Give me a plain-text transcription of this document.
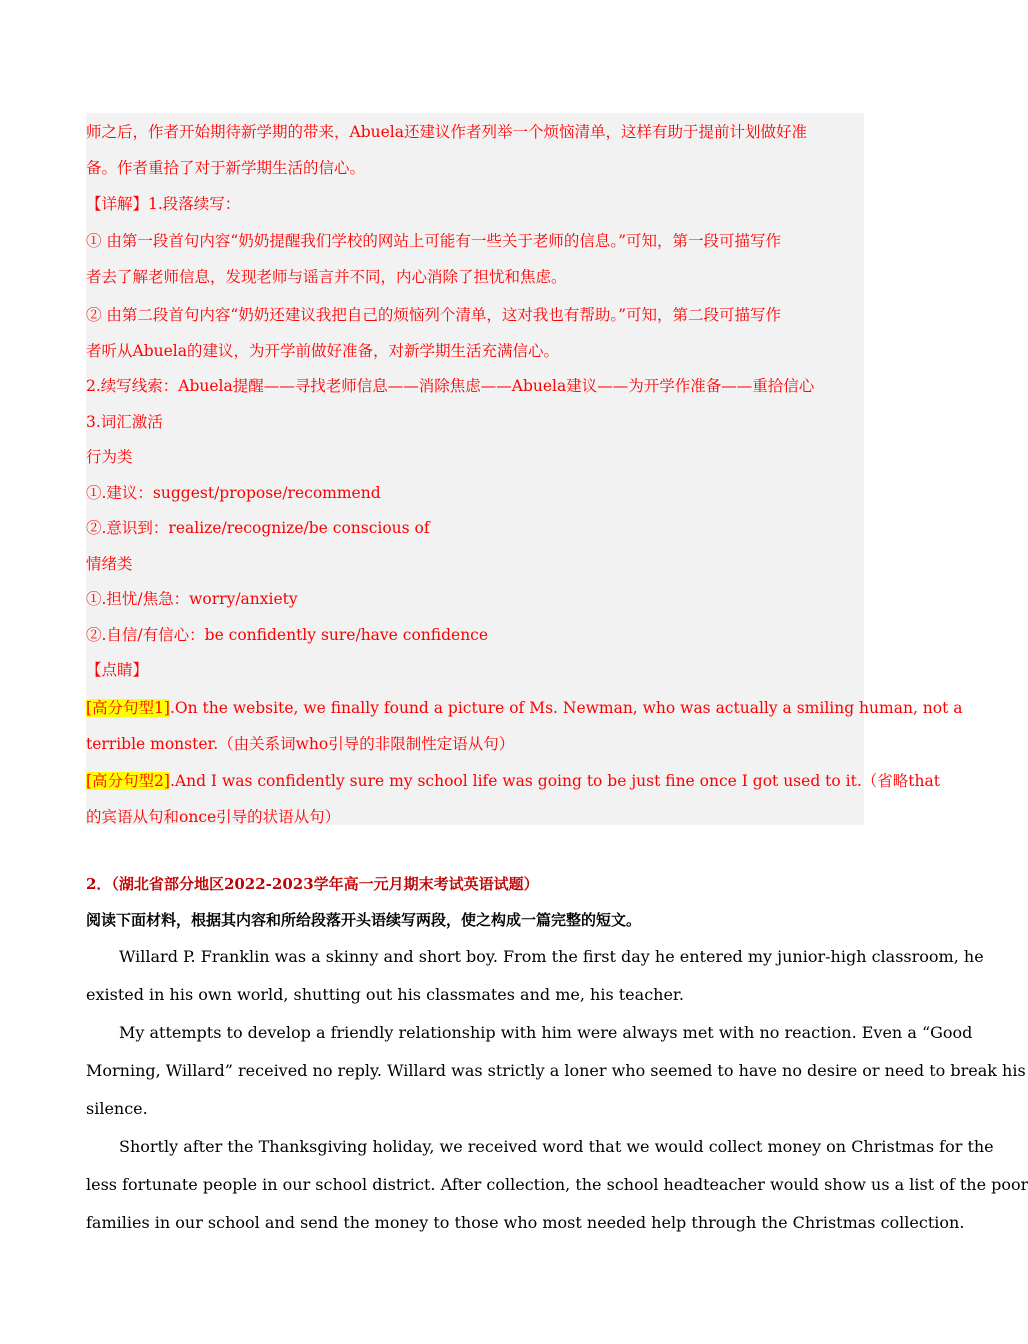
师之后，作者开始期待新学期的带来，Abuela还建议作者列举一个烦恼清单，这样有助于提前计划做好准

备。作者重拾了对于新学期生活的信心。

【详解】1.段落续写：

① 由第一段首句内容“奶奶提醒我们学校的网站上可能有一些关于老师的信息。”可知，第一段可描写作

者去了解老师信息，发现老师与谣言并不同，内心消除了担忧和焦虑。

② 由第二段首句内容“奶奶还建议我把自己的烦恼列个清单，这对我也有帮助。”可知，第二段可描写作

者听从Abuela的建议，为开学前做好准备，对新学期生活充满信心。

2.续写线索：Abuela提醒——寻找老师信息——消除焦虑——Abuela建议——为开学作准备——重拾信心

3.词汇激活

行为类

①.建议：suggest/propose/recommend

②.意识到：realize/recognize/be conscious of

情绪类

①.担忧/焦急：worry/anxiety

②.自信/有信心：be confidently sure/have confidence

【点睛】

[高分句型1].On the website, we finally found a picture of Ms. Newman, who was actually a smiling human, not a

terrible monster.（由关系词who引导的非限制性定语从句）

[高分句型2].And I was confidently sure my school life was going to be just fine once I got used to it.（省略that

的宾语从句和once引导的状语从句）

2．（湖北省部分地区2022-2023学年高一元月期末考试英语试题）

阅读下面材料，根据其内容和所给段落开头语续写两段，使之构成一篇完整的短文。

Willard P. Franklin was a skinny and short boy. From the first day he entered my junior-high classroom, he

existed in his own world, shutting out his classmates and me, his teacher.

My attempts to develop a friendly relationship with him were always met with no reaction. Even a “Good

Morning, Willard” received no reply. Willard was strictly a loner who seemed to have no desire or need to break his

silence.

Shortly after the Thanksgiving holiday, we received word that we would collect money on Christmas for the

less fortunate people in our school district. After collection, the school headteacher would show us a list of the poor

families in our school and send the money to those who most needed help through the Christmas collection.
